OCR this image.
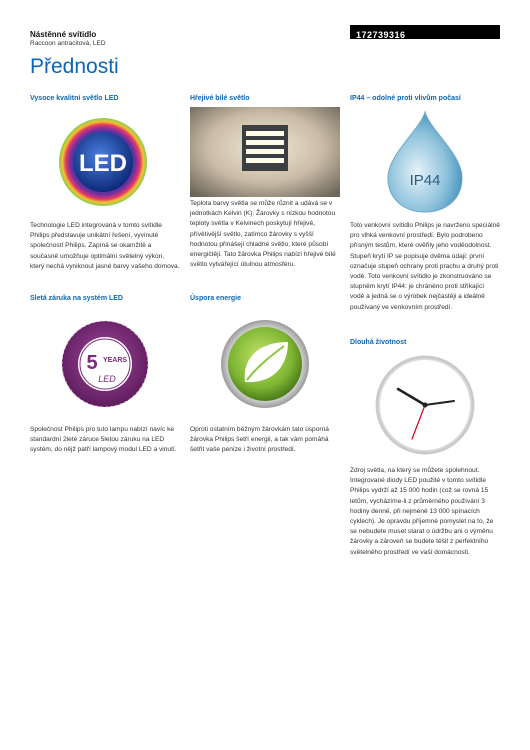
Nástěnné svítidlo
Raccoon antracitová, LED
172739316
Přednosti
Vysoce kvalitní světlo LED
LED
Technologie LED integrovaná v tomto svítidle Philips představuje unikátní řešení, vyvinuté společností Philips. Zapíná se okamžitě a současně umožňuje optimální světelný výkon, který nechá vyniknout jasné barvy vašeho domova.
Sletá záruka na systém LED
5 YEARS
LED
Společnost Philips pro tuto lampu nabízí navíc ke standardní 2leté záruce 5letou záruku na LED systém, do nějž patří lampový modul LED a vinutí.
Hřejivé bílé světlo
Teplota barvy světla se může různit a udává se v jednotkách Kelvin (K). Žárovky s nízkou hodnotou teploty světla v Kelvinech poskytují hřejivé, přívětivější světlo, zatímco žárovky s vyšší hodnotou přinášejí chladné světlo, které působí energičtěji. Tato žárovka Philips nabízí hřejivé bílé světlo vytvářející útulnou atmosféru.
Úspora energie
Oproti ostatním běžným žárovkám tato úsporná žárovka Philips šetří energii, a tak vám pomáhá šetřit vaše peníze i životní prostředí.
IP44 – odolné proti vlivům počasí
IP44
Toto venkovní svítidlo Philips je navrženo speciálně pro vlhká venkovní prostředí. Bylo podrobeno přísným testům, které ověřily jeho voděodolnost. Stupeň krytí IP se popisuje dvěma údaji: první označuje stupeň ochrany proti prachu a druhý proti vodě. Toto venkovní svítidlo je zkonstruováno se stupněm krytí IP44: je chráněno proti stříkající vodě a jedná se o výrobek nejčastěji a ideálně používaný ve venkovním prostředí.
Dlouhá životnost
Zdroj světla, na který se můžete spolehnout. Integrované diody LED použité v tomto svítidle Philips vydrží až 15 000 hodin (což se rovná 15 letům, vycházíme-li z průměrného používání 3 hodiny denně, při nejméně 13 000 spínacích cyklech). Je opravdu příjemné pomyslet na to, že se nebudete muset starat o údržbu ani o výměnu žárovky a zároveň se budete těšit z perfektního světelného prostředí ve vaší domácnosti.
